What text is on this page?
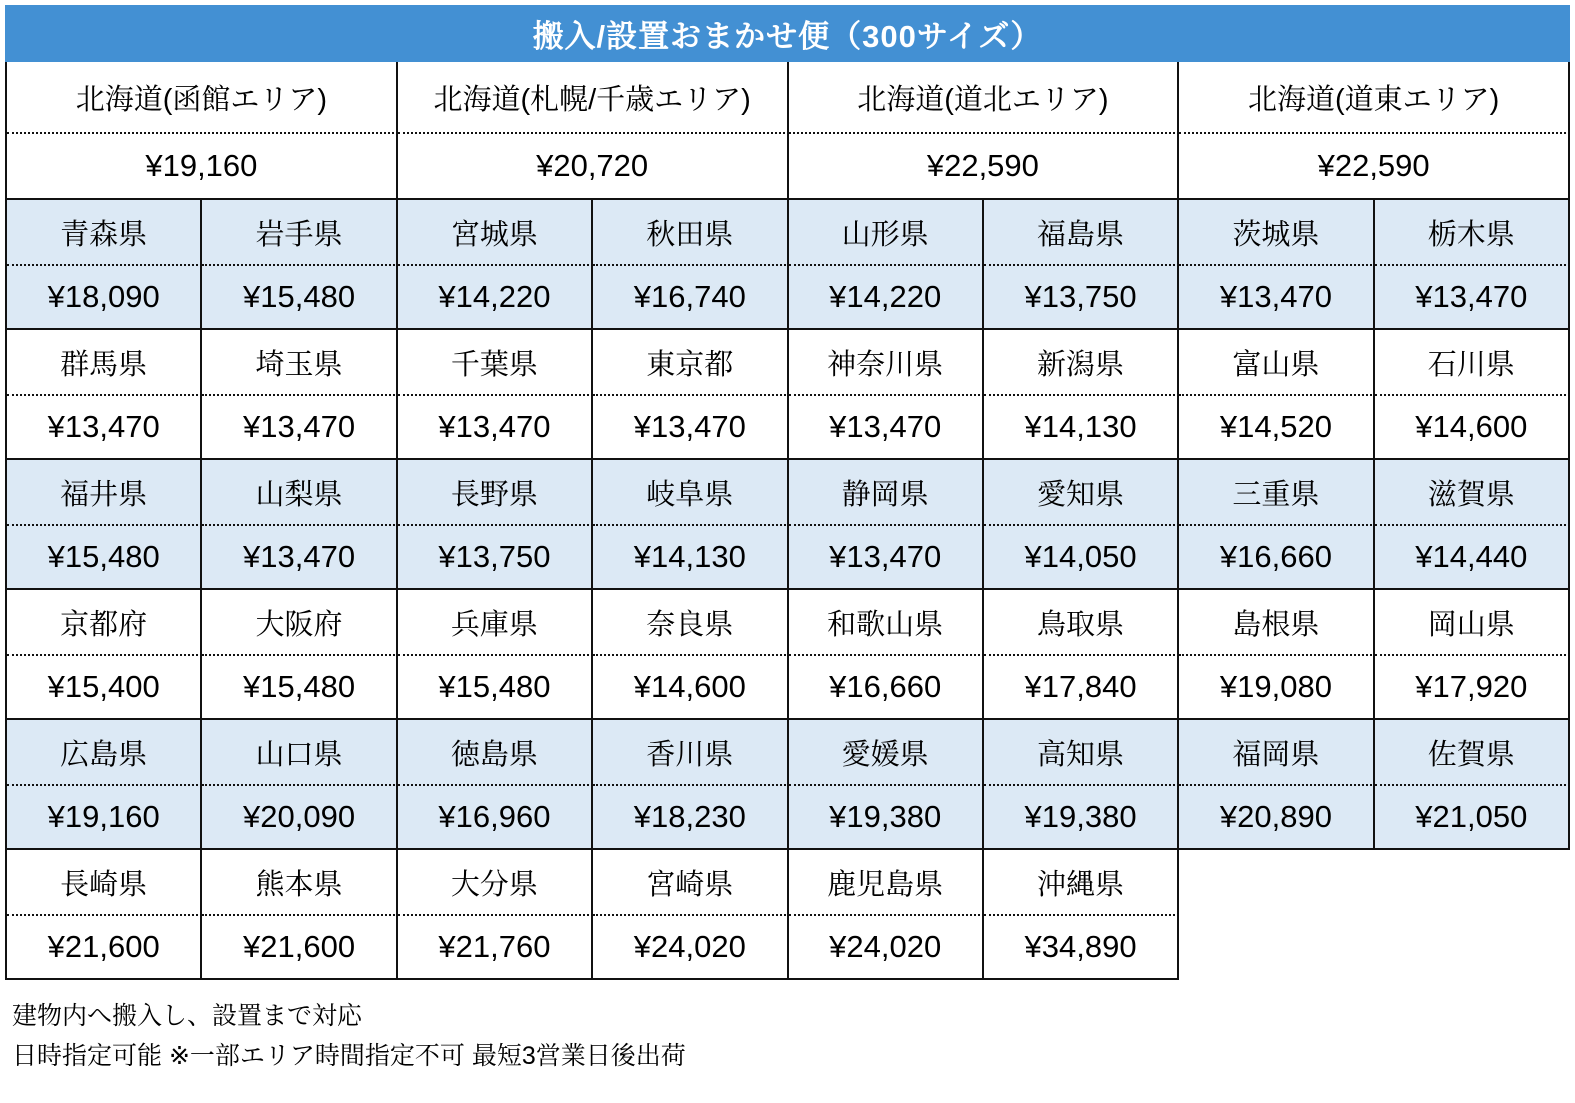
搬入/設置おまかせ便（300サイズ）
北海道(函館エリア)	北海道(札幌/千歳エリア)	北海道(道北エリア)	北海道(道東エリア)
¥19,160	¥20,720	¥22,590	¥22,590
青森県	岩手県	宮城県	秋田県	山形県	福島県	茨城県	栃木県
¥18,090	¥15,480	¥14,220	¥16,740	¥14,220	¥13,750	¥13,470	¥13,470
群馬県	埼玉県	千葉県	東京都	神奈川県	新潟県	富山県	石川県
¥13,470	¥13,470	¥13,470	¥13,470	¥13,470	¥14,130	¥14,520	¥14,600
福井県	山梨県	長野県	岐阜県	静岡県	愛知県	三重県	滋賀県
¥15,480	¥13,470	¥13,750	¥14,130	¥13,470	¥14,050	¥16,660	¥14,440
京都府	大阪府	兵庫県	奈良県	和歌山県	鳥取県	島根県	岡山県
¥15,400	¥15,480	¥15,480	¥14,600	¥16,660	¥17,840	¥19,080	¥17,920
広島県	山口県	徳島県	香川県	愛媛県	高知県	福岡県	佐賀県
¥19,160	¥20,090	¥16,960	¥18,230	¥19,380	¥19,380	¥20,890	¥21,050
長崎県	熊本県	大分県	宮崎県	鹿児島県	沖縄県
¥21,600	¥21,600	¥21,760	¥24,020	¥24,020	¥34,890
建物内へ搬入し、設置まで対応
日時指定可能 ※一部エリア時間指定不可 最短3営業日後出荷
